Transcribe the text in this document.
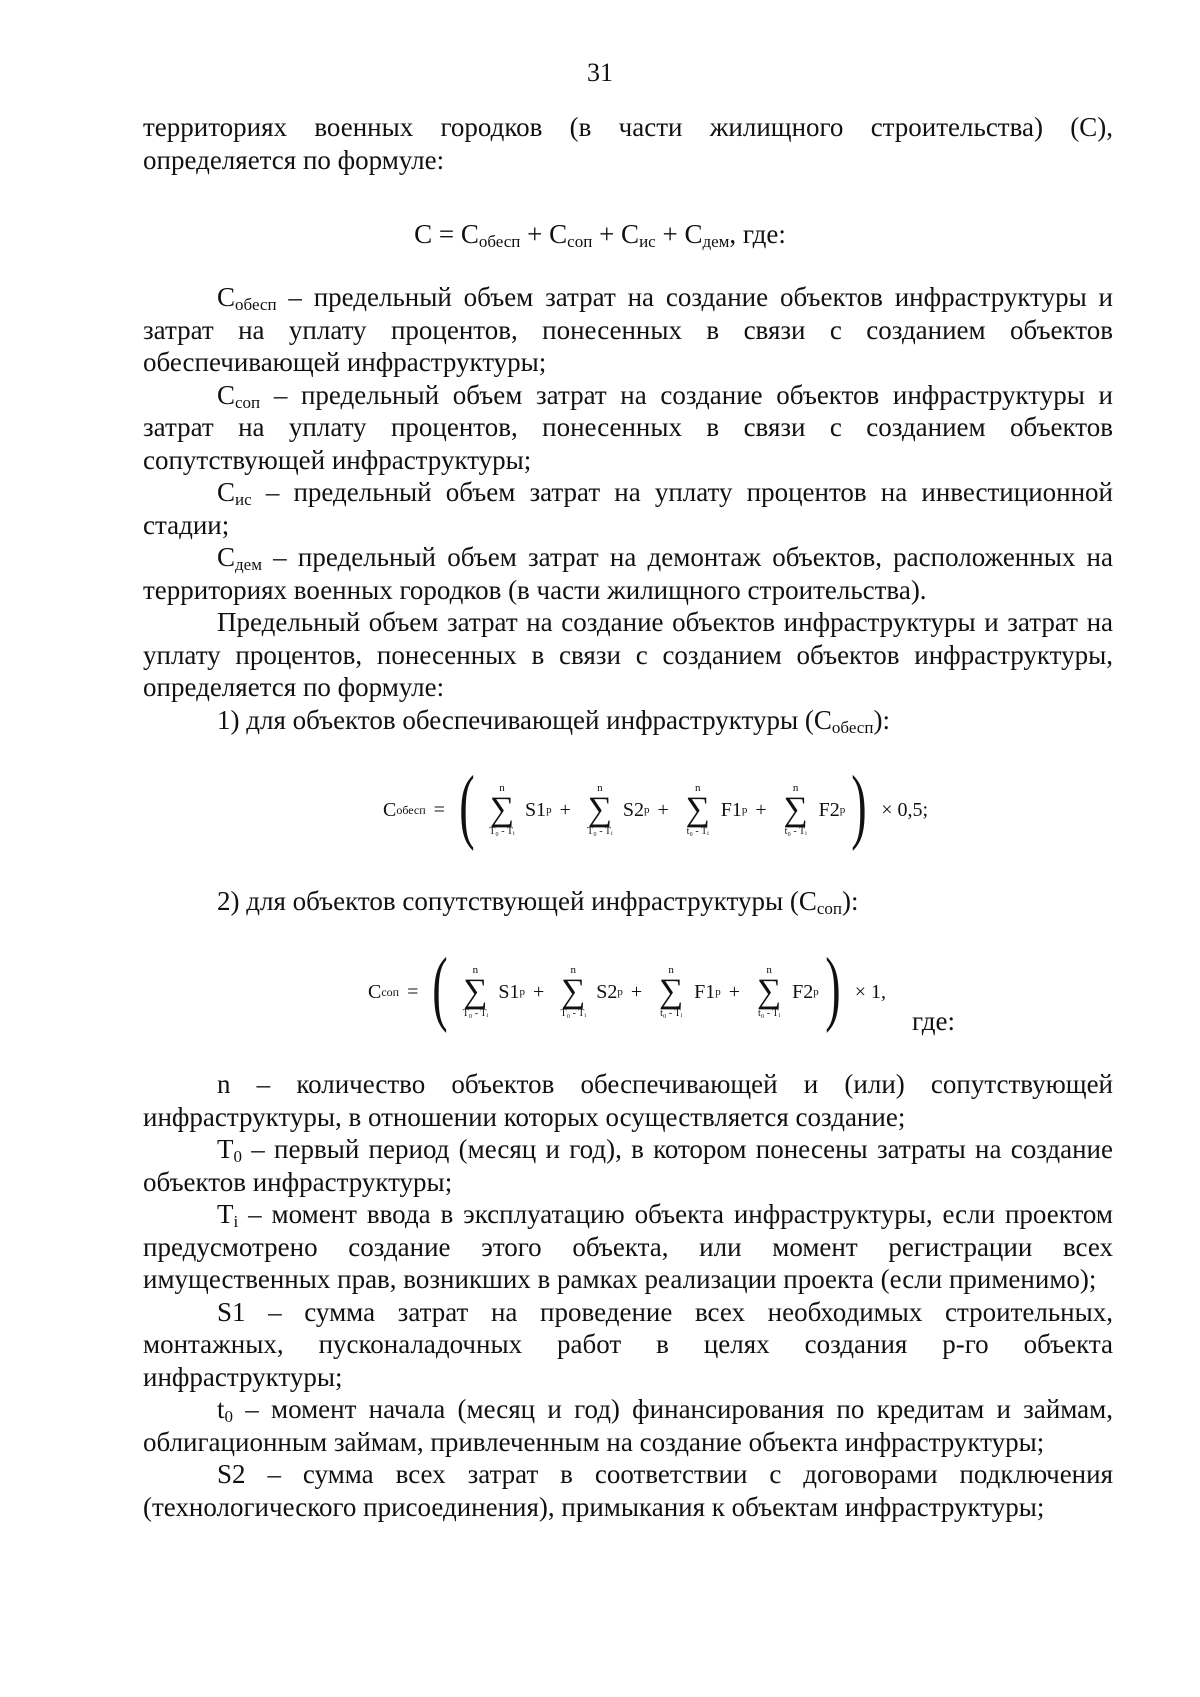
31

территориях военных городков (в части жилищного строительства) (С),

определяется по формуле:

$С = С_{обесп} + С_{соп} + С_{ис} + С_{дем}$, где:

$С_{обесп}$ – предельный объем затрат на создание объектов инфраструктуры и затрат на уплату процентов, понесенных в связи с созданием объектов обеспечивающей инфраструктуры;

$С_{соп}$ – предельный объем затрат на создание объектов инфраструктуры и затрат на уплату процентов, понесенных в связи с созданием объектов сопутствующей инфраструктуры;

$С_{ис}$ – предельный объем затрат на уплату процентов на инвестиционной стадии;

$С_{дем}$ – предельный объем затрат на демонтаж объектов, расположенных на территориях военных городков (в части жилищного строительства).

Предельный объем затрат на создание объектов инфраструктуры и затрат на уплату процентов, понесенных в связи с созданием объектов инфраструктуры, определяется по формуле:

1) для объектов обеспечивающей инфраструктуры $(С_{обесп})$:

С обесп = ( n
∑
T₀ - Tᵢ
S1 p +
n
∑
T₀ - Tᵢ
S2 p +
n
∑
t₀ - Tᵢ
F1 p +
n
∑
t₀ - Tᵢ
F2 p ) × 0,5;

2) для объектов сопутствующей инфраструктуры $(С_{соп})$:

С соп = ( n
∑
T₀ - Tᵢ
S1 p +
n
∑
T₀ - Tᵢ
S2 p +
n
∑
t₀ - Tᵢ
F1 p +
n
∑
t₀ - Tᵢ
F2 p ) × 1,
где:

n – количество объектов обеспечивающей и (или) сопутствующей инфраструктуры, в отношении которых осуществляется создание;

$T_0$ – первый период (месяц и год), в котором понесены затраты на создание объектов инфраструктуры;

$T_i$ – момент ввода в эксплуатацию объекта инфраструктуры, если проектом предусмотрено создание этого объекта, или момент регистрации всех имущественных прав, возникших в рамках реализации проекта (если применимо);

S1 – сумма затрат на проведение всех необходимых строительных, монтажных, пусконаладочных работ в целях создания р-го объекта инфраструктуры;

$t_0$ – момент начала (месяц и год) финансирования по кредитам и займам, облигационным займам, привлеченным на создание объекта инфраструктуры;

S2 – сумма всех затрат в соответствии с договорами подключения (технологического присоединения), примыкания к объектам инфраструктуры;
